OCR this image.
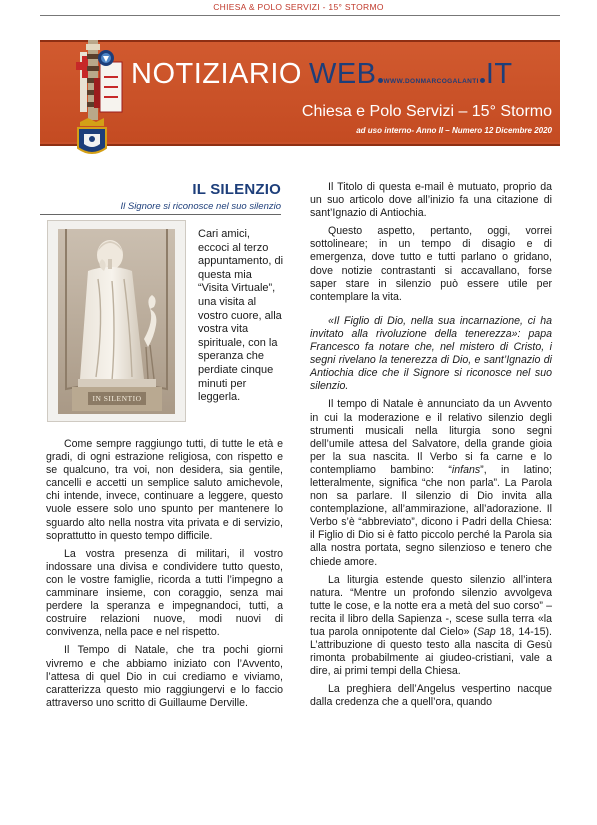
CHIESA & POLO SERVIZI - 15° STORMO
NOTIZIARIO WEB WWW.DONMARCOGALANTI IT
Chiesa e Polo Servizi – 15° Stormo
ad uso interno- Anno II – Numero 12 Dicembre 2020
IL SILENZIO
Il Signore si riconosce nel suo silenzio
IN SILENTIO

Cari amici, eccoci al terzo appuntamento, di questa mia “Visita Virtuale”, una visita al vostro cuore, alla vostra vita spirituale, con la speranza che perdiate cinque minuti per leggerla.

Come sempre raggiungo tutti, di tutte le età e gradi, di ogni estrazione religiosa, con rispetto e se qualcuno, tra voi, non desidera, sia gentile, cancelli e accetti un semplice saluto amichevole, chi intende, invece, continuare a leggere, questo vuole essere solo uno spunto per mantenere lo sguardo alto nella nostra vita privata e di servizio, soprattutto in questo tempo difficile.

La vostra presenza di militari, il vostro indossare una divisa e condividere tutto questo, con le vostre famiglie, ricorda a tutti l’impegno a camminare insieme, con coraggio, senza mai perdere la speranza e impegnandoci, tutti, a costruire relazioni nuove, modi nuovi di convivenza, nella pace e nel rispetto.

Il Tempo di Natale, che tra pochi giorni vivremo e che abbiamo iniziato con l’Avvento, l’attesa di quel Dio in cui crediamo e viviamo, caratterizza questo mio raggiungervi e lo faccio attraverso uno scritto di Guillaume Derville.

Il Titolo di questa e-mail è mutuato, proprio da un suo articolo dove all’inizio fa una citazione di sant’Ignazio di Antiochia.

Questo aspetto, pertanto, oggi, vorrei sottolineare; in un tempo di disagio e di emergenza, dove tutto e tutti parlano o gridano, dove notizie contrastanti si accavallano, forse saper stare in silenzio può essere utile per contemplare la vita.

«Il Figlio di Dio, nella sua incarnazione, ci ha invitato alla rivoluzione della tenerezza»: papa Francesco fa notare che, nel mistero di Cristo, i segni rivelano la tenerezza di Dio, e sant’Ignazio di Antiochia dice che il Signore si riconosce nel suo silenzio.

Il tempo di Natale è annunciato da un Avvento in cui la moderazione e il relativo silenzio degli strumenti musicali nella liturgia sono segni dell’umile attesa del Salvatore, della grande gioia per la sua nascita. Il Verbo si fa carne e lo contempliamo bambino: “infans”, in latino; letteralmente, significa “che non parla”. La Parola non sa parlare. Il silenzio di Dio invita alla contemplazione, all’ammirazione, all’adorazione. Il Verbo s’è “abbreviato”, dicono i Padri della Chiesa: il Figlio di Dio si è fatto piccolo perché la Parola sia alla nostra portata, segno silenzioso e tenero che chiede amore.

La liturgia estende questo silenzio all’intera natura. “Mentre un profondo silenzio avvolgeva tutte le cose, e la notte era a metà del suo corso” – recita il libro della Sapienza -, scese sulla terra «la tua parola onnipotente dal Cielo» (Sap 18, 14-15). L’attribuzione di questo testo alla nascita di Gesù rimonta probabilmente ai giudeo-cristiani, vale a dire, ai primi tempi della Chiesa.

La preghiera dell’Angelus vespertino nacque dalla credenza che a quell’ora, quando
